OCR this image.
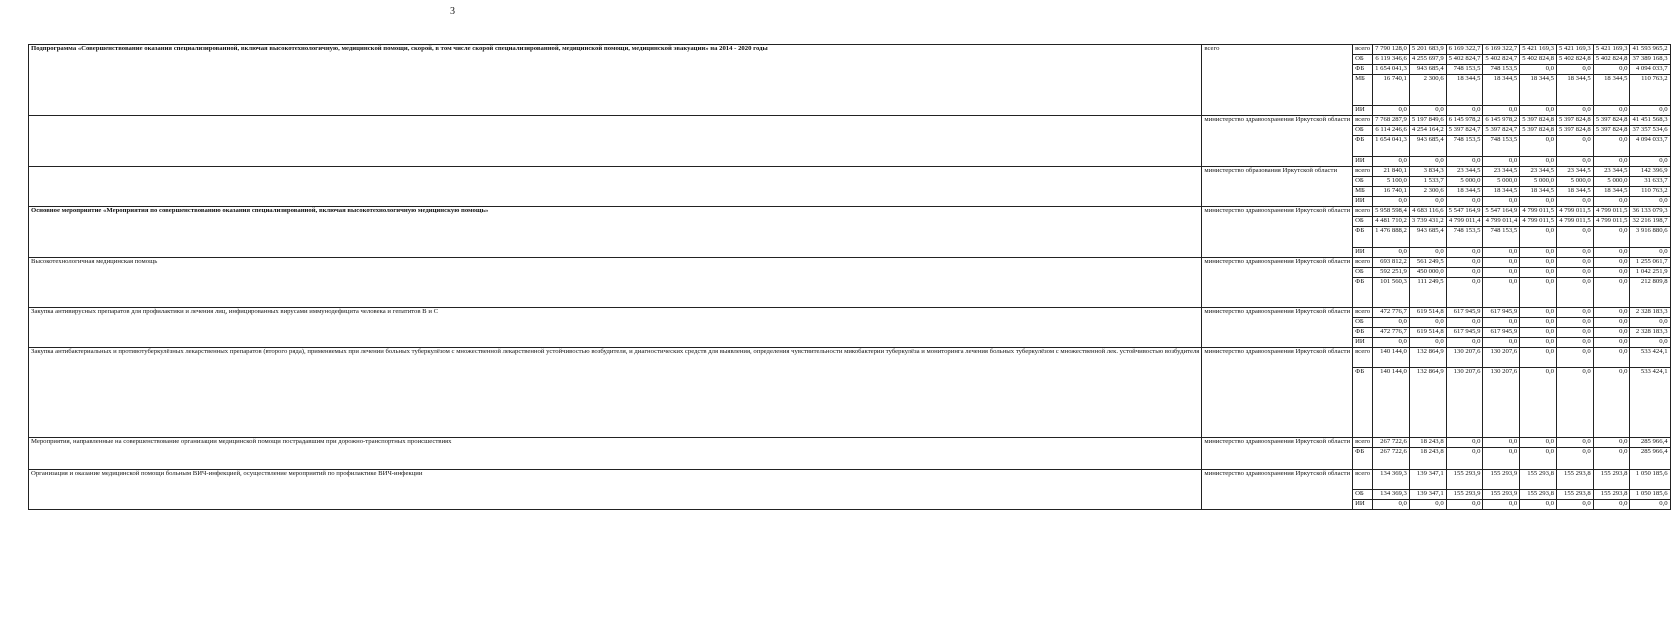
3
Подпрограмма «Совершенствование оказания специализированной, включая высокотехнологичную, медицинской помощи, скорой, в том числе скорой специализированной, медицинской помощи, медицинской эвакуации» на 2014 - 2020 годы	всего	всего	7 790 128,0	5 201 683,9	6 169 322,7	6 169 322,7	5 421 169,3	5 421 169,3	5 421 169,3	41 593 965,2
		ОБ	6 119 346,6	4 255 697,9	5 402 824,7	5 402 824,7	5 402 824,8	5 402 824,8	5 402 824,8	37 389 168,3
		ФБ	1 654 041,3	943 685,4	748 153,5	748 153,5	0,0	0,0	0,0	4 094 033,7
		МБ	16 740,1	2 300,6	18 344,5	18 344,5	18 344,5	18 344,5	18 344,5	110 763,2
		ИИ	0,0	0,0	0,0	0,0	0,0	0,0	0,0	0,0
	министерство здравоохранения Иркутской области	всего	7 768 287,9	5 197 849,6	6 145 978,2	6 145 978,2	5 397 824,8	5 397 824,8	5 397 824,8	41 451 568,3
		ОБ	6 114 246,6	4 254 164,2	5 397 824,7	5 397 824,7	5 397 824,8	5 397 824,8	5 397 824,8	37 357 534,6
		ФБ	1 654 041,3	943 685,4	748 153,5	748 153,5	0,0	0,0	0,0	4 094 033,7
		ИИ	0,0	0,0	0,0	0,0	0,0	0,0	0,0	0,0
	министерство образования Иркутской области	всего	21 840,1	3 834,3	23 344,5	23 344,5	23 344,5	23 344,5	23 344,5	142 396,9
		ОБ	5 100,0	1 533,7	5 000,0	5 000,0	5 000,0	5 000,0	5 000,0	31 633,7
		МБ	16 740,1	2 300,6	18 344,5	18 344,5	18 344,5	18 344,5	18 344,5	110 763,2
		ИИ	0,0	0,0	0,0	0,0	0,0	0,0	0,0	0,0
Основное мероприятие «Мероприятия по совершенствованию оказания специализированной, включая высокотехнологичную медицинскую помощь»	министерство здравоохранения Иркутской области	всего	5 958 598,4	4 683 116,6	5 547 164,9	5 547 164,9	4 799 011,5	4 799 011,5	4 799 011,5	36 133 079,3
		ОБ	4 481 710,2	3 739 431,2	4 799 011,4	4 799 011,4	4 799 011,5	4 799 011,5	4 799 011,5	32 216 198,7
		ФБ	1 476 888,2	943 685,4	748 153,5	748 153,5	0,0	0,0	0,0	3 916 880,6
		ИИ	0,0	0,0	0,0	0,0	0,0	0,0	0,0	0,0
Высокотехнологичная медицинская помощь	министерство здравоохранения Иркутской области	всего	693 812,2	561 249,5	0,0	0,0	0,0	0,0	0,0	1 255 061,7
		ОБ	592 251,9	450 000,0	0,0	0,0	0,0	0,0	0,0	1 042 251,9
		ФБ	101 560,3	111 249,5	0,0	0,0	0,0	0,0	0,0	212 809,8
Закупка антивирусных препаратов для профилактики и лечения лиц, инфицированных вирусами иммунодефицита человека и гепатитов В и С	министерство здравоохранения Иркутской области	всего	472 776,7	619 514,8	617 945,9	617 945,9	0,0	0,0	0,0	2 328 183,3
		ОБ	0,0	0,0	0,0	0,0	0,0	0,0	0,0	0,0
		ФБ	472 776,7	619 514,8	617 945,9	617 945,9	0,0	0,0	0,0	2 328 183,3
		ИИ	0,0	0,0	0,0	0,0	0,0	0,0	0,0	0,0
Закупка антибактериальных и противотуберкулёзных лекарственных препаратов (второго ряда), применяемых при лечении больных туберкулёзом с множественной лекарственной устойчивостью возбудителя, и диагностических средств для выявления, определения чувствительности микобактерии туберкулёза и мониторинга лечения больных туберкулёзом с множественной лек. устойчивостью возбудителя	министерство здравоохранения Иркутской области	всего	140 144,0	132 864,9	130 207,6	130 207,6	0,0	0,0	0,0	533 424,1
		ФБ	140 144,0	132 864,9	130 207,6	130 207,6	0,0	0,0	0,0	533 424,1
Мероприятия, направленные на совершенствование организации медицинской помощи пострадавшим при дорожно-транспортных происшествиях	министерство здравоохранения Иркутской области	всего	267 722,6	18 243,8	0,0	0,0	0,0	0,0	0,0	285 966,4
		ФБ	267 722,6	18 243,8	0,0	0,0	0,0	0,0	0,0	285 966,4
Организация и оказание медицинской помощи больным ВИЧ-инфекцией, осуществление мероприятий по профилактике ВИЧ-инфекции	министерство здравоохранения Иркутской области	всего	134 369,3	139 347,1	155 293,9	155 293,9	155 293,8	155 293,8	155 293,8	1 050 185,6
		ОБ	134 369,3	139 347,1	155 293,9	155 293,9	155 293,8	155 293,8	155 293,8	1 050 185,6
		ИИ	0,0	0,0	0,0	0,0	0,0	0,0	0,0	0,0
